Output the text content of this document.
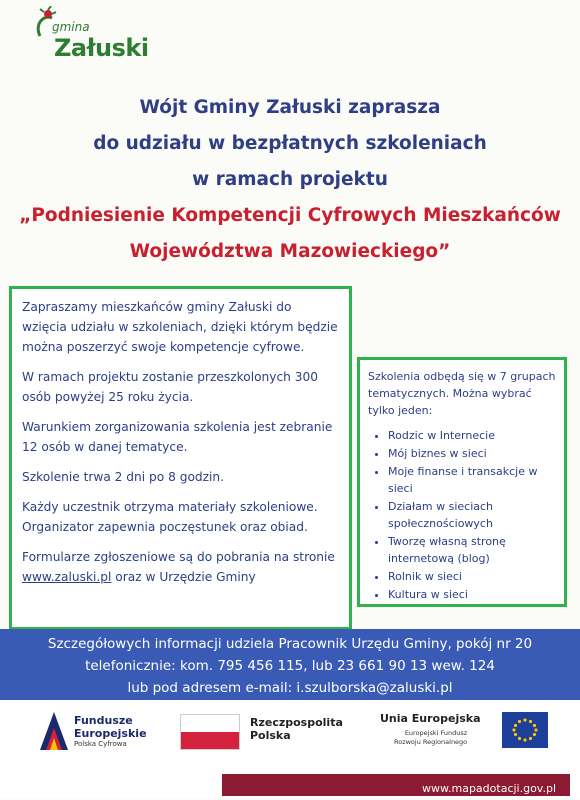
gmina
Załuski
Wójt Gminy Załuski zaprasza
do udziału w bezpłatnych szkoleniach
w ramach projektu
„Podniesienie Kompetencji Cyfrowych Mieszkańców
Województwa Mazowieckiego”

Zapraszamy mieszkańców gminy Załuski do wzięcia udziału w szkoleniach, dzięki którym będzie można poszerzyć swoje kompetencje cyfrowe.

W ramach projektu zostanie przeszkolonych 300 osób powyżej 25 roku życia.

Warunkiem zorganizowania szkolenia jest zebranie 12 osób w danej tematyce.

Szkolenie trwa 2 dni po 8 godzin.

Każdy uczestnik otrzyma materiały szkoleniowe. Organizator zapewnia poczęstunek oraz obiad.

Formularze zgłoszeniowe są do pobrania na stronie www.zaluski.pl oraz w Urzędzie Gminy

Szkolenia odbędą się w 7 grupach tematycznych. Można wybrać tylko jeden:

• Rodzic w Internecie
• Mój biznes w sieci
• Moje finanse i transakcje w sieci
• Działam w sieciach społecznościowych
• Tworzę własną stronę internetową (blog)
• Rolnik w sieci
• Kultura w sieci
Szczegółowych informacji udziela Pracownik Urzędu Gminy, pokój nr 20
telefonicznie: kom. 795 456 115, lub 23 661 90 13 wew. 124
lub pod adresem e-mail: i.szulborska@zaluski.pl
Fundusze
Europejskie
Polska Cyfrowa
Rzeczpospolita
Polska
Unia Europejska
Europejski Fundusz
Rozwoju Regionalnego
www.mapadotacji.gov.pl
